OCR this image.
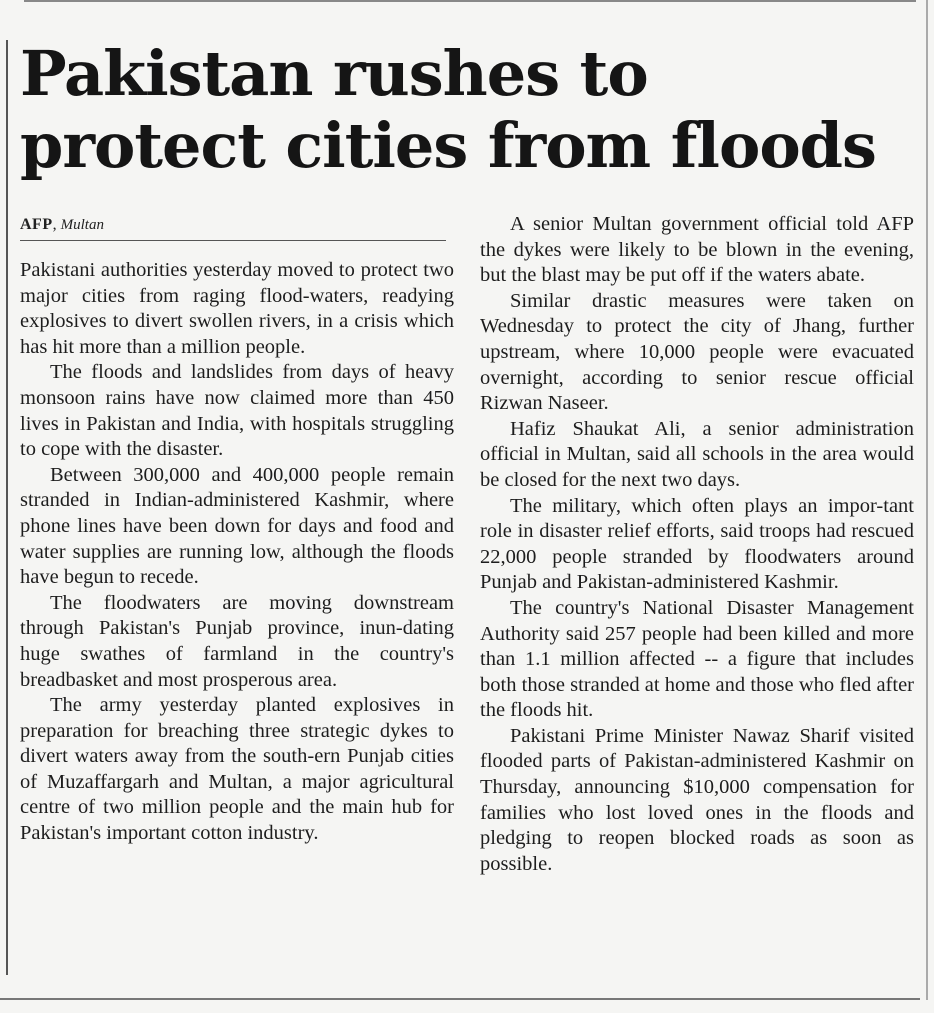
Pakistan rushes to protect cities from floods
AFP, Multan

Pakistani authorities yesterday moved to protect two major cities from raging flood-waters, readying explosives to divert swollen rivers, in a crisis which has hit more than a million people.

The floods and landslides from days of heavy monsoon rains have now claimed more than 450 lives in Pakistan and India, with hospitals struggling to cope with the disaster.

Between 300,000 and 400,000 people remain stranded in Indian-administered Kashmir, where phone lines have been down for days and food and water supplies are running low, although the floods have begun to recede.

The floodwaters are moving downstream through Pakistan's Punjab province, inun-dating huge swathes of farmland in the country's breadbasket and most prosperous area.

The army yesterday planted explosives in preparation for breaching three strategic dykes to divert waters away from the south-ern Punjab cities of Muzaffargarh and Multan, a major agricultural centre of two million people and the main hub for Pakistan's important cotton industry.

A senior Multan government official told AFP the dykes were likely to be blown in the evening, but the blast may be put off if the waters abate.

Similar drastic measures were taken on Wednesday to protect the city of Jhang, further upstream, where 10,000 people were evacuated overnight, according to senior rescue official Rizwan Naseer.

Hafiz Shaukat Ali, a senior administration official in Multan, said all schools in the area would be closed for the next two days.

The military, which often plays an impor-tant role in disaster relief efforts, said troops had rescued 22,000 people stranded by floodwaters around Punjab and Pakistan-administered Kashmir.

The country's National Disaster Management Authority said 257 people had been killed and more than 1.1 million affected -- a figure that includes both those stranded at home and those who fled after the floods hit.

Pakistani Prime Minister Nawaz Sharif visited flooded parts of Pakistan-administered Kashmir on Thursday, announcing $10,000 compensation for families who lost loved ones in the floods and pledging to reopen blocked roads as soon as possible.
